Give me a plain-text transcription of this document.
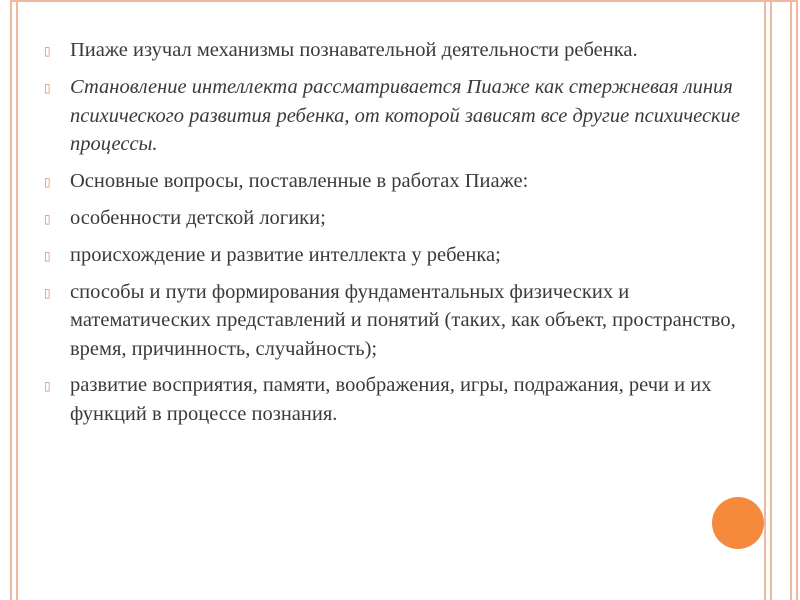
▯ Пиаже изучал механизмы познавательной деятельности ребенка.
▯ Становление интеллекта рассматривается Пиаже как стержневая линия психического развития ребенка, от которой зависят все другие психические процессы.
▯ Основные вопросы, поставленные в работах Пиаже:
▯ особенности детской логики;
▯ происхождение и развитие интеллекта у ребенка;
▯ способы и пути формирования фундаментальных физических и математических представлений и понятий (таких, как объект, пространство, время, причинность, случайность);
▯ развитие восприятия, памяти, воображения, игры, подражания, речи и их функций в процессе познания.
